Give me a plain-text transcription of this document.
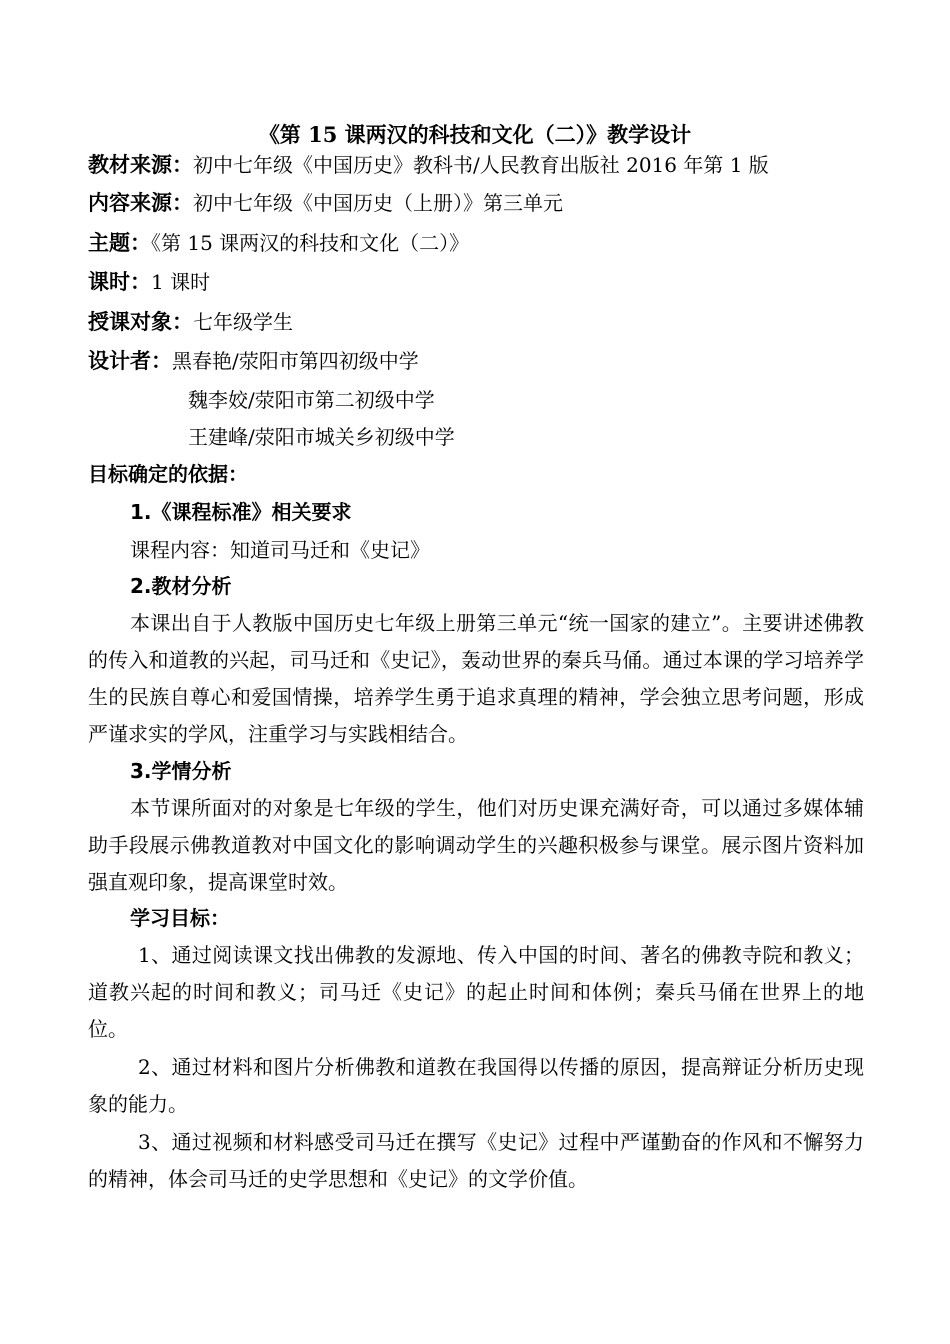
《第 15 课两汉的科技和文化（二）》教学设计
教材来源：初中七年级《中国历史》教科书/人民教育出版社 2016 年第 1 版
内容来源：初中七年级《中国历史（上册）》第三单元
主题：《第 15 课两汉的科技和文化（二）》
课时：1 课时
授课对象：七年级学生
设计者：黑春艳/荥阳市第四初级中学
魏李姣/荥阳市第二初级中学
王建峰/荥阳市城关乡初级中学
目标确定的依据：
1.《课程标准》相关要求
课程内容：知道司马迁和《史记》
2.教材分析
本课出自于人教版中国历史七年级上册第三单元“统一国家的建立”。主要讲述佛教的传入和道教的兴起，司马迁和《史记》，轰动世界的秦兵马俑。通过本课的学习培养学生的民族自尊心和爱国情操，培养学生勇于追求真理的精神，学会独立思考问题，形成严谨求实的学风，注重学习与实践相结合。
3.学情分析
本节课所面对的对象是七年级的学生，他们对历史课充满好奇，可以通过多媒体辅助手段展示佛教道教对中国文化的影响调动学生的兴趣积极参与课堂。展示图片资料加强直观印象，提高课堂时效。
学习目标：
1、通过阅读课文找出佛教的发源地、传入中国的时间、著名的佛教寺院和教义；道教兴起的时间和教义；司马迁《史记》的起止时间和体例；秦兵马俑在世界上的地位。
2、通过材料和图片分析佛教和道教在我国得以传播的原因，提高辩证分析历史现象的能力。
3、通过视频和材料感受司马迁在撰写《史记》过程中严谨勤奋的作风和不懈努力的精神，体会司马迁的史学思想和《史记》的文学价值。
